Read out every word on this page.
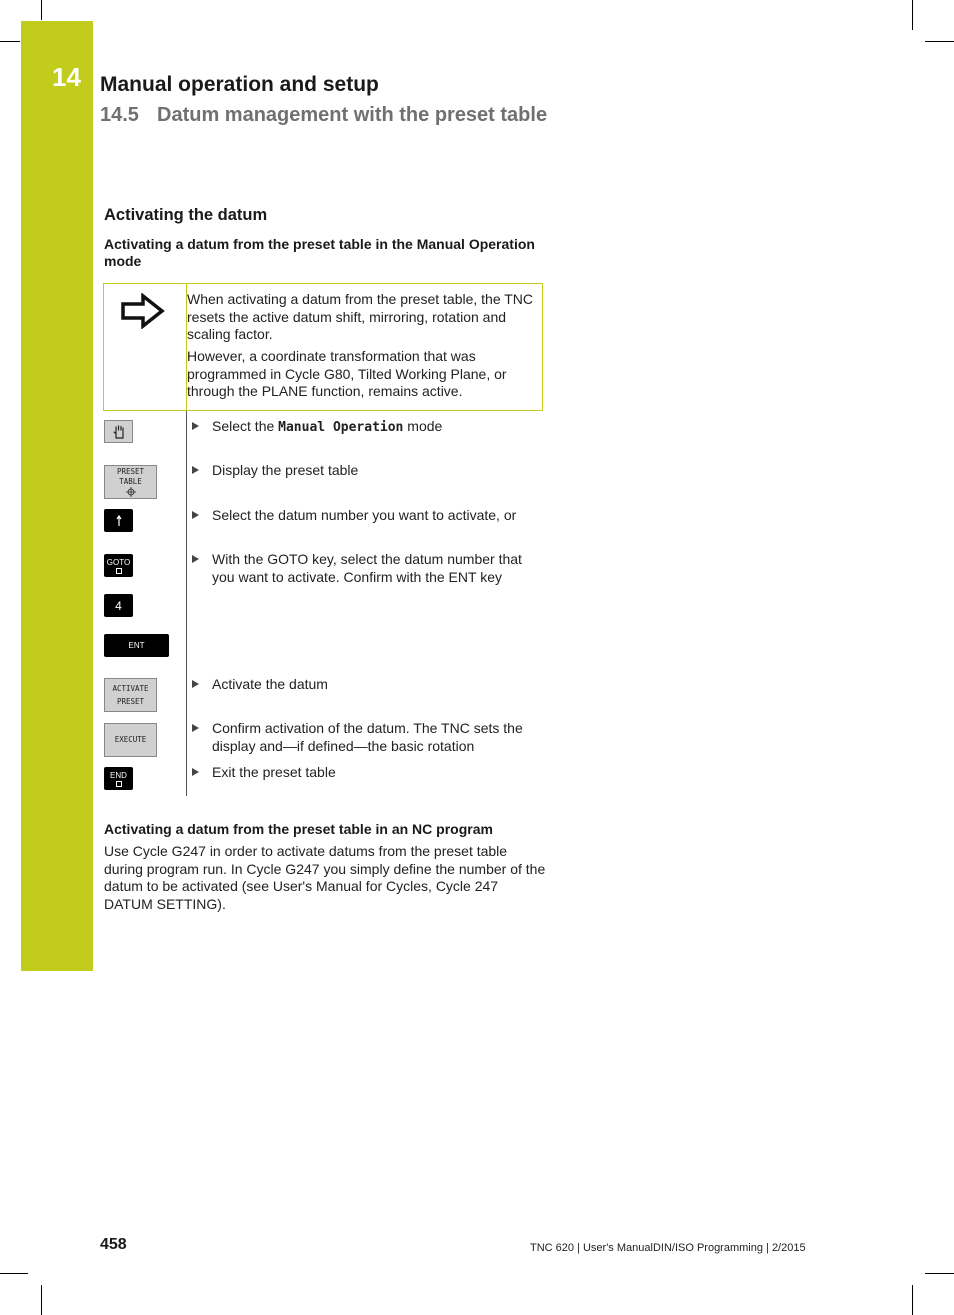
14 Manual operation and setup
14.5 Datum management with the preset table
Activating the datum
Activating a datum from the preset table in the Manual Operation mode
When activating a datum from the preset table, the TNC resets the active datum shift, mirroring, rotation and scaling factor.
However, a coordinate transformation that was programmed in Cycle G80, Tilted Working Plane, or through the PLANE function, remains active.
PRESET
TABLE
GOTO
4
ENT
ACTIVATE
PRESET
EXECUTE
END
Select the Manual Operation mode
Display the preset table
Select the datum number you want to activate, or
With the GOTO key, select the datum number that you want to activate. Confirm with the ENT key
Activate the datum
Confirm activation of the datum. The TNC sets the display and—if defined—the basic rotation
Exit the preset table
Activating a datum from the preset table in an NC program
Use Cycle G247 in order to activate datums from the preset table during program run. In Cycle G247 you simply define the number of the datum to be activated (see User's Manual for Cycles, Cycle 247 DATUM SETTING).
458	TNC 620 | User's ManualDIN/ISO Programming | 2/2015
